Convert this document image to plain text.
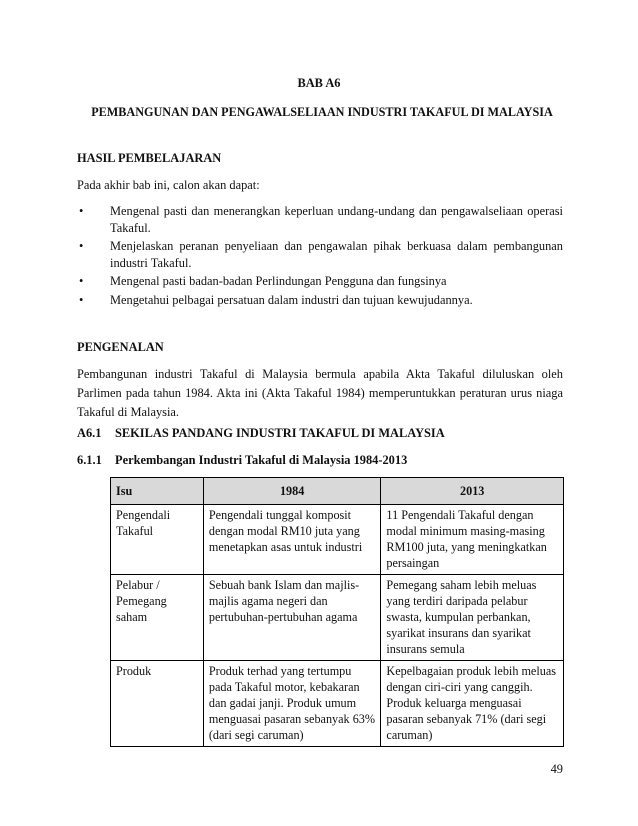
BAB A6
PEMBANGUNAN DAN PENGAWALSELIAAN INDUSTRI TAKAFUL DI MALAYSIA
HASIL PEMBELAJARAN
Pada akhir bab ini, calon akan dapat:
• Mengenal pasti dan menerangkan keperluan undang-undang dan pengawalseliaan operasi Takaful.
• Menjelaskan peranan penyeliaan dan pengawalan pihak berkuasa dalam pembangunan industri Takaful.
• Mengenal pasti badan-badan Perlindungan Pengguna dan fungsinya
• Mengetahui pelbagai persatuan dalam industri dan tujuan kewujudannya.
PENGENALAN
Pembangunan industri Takaful di Malaysia bermula apabila Akta Takaful diluluskan oleh Parlimen pada tahun 1984. Akta ini (Akta Takaful 1984) memperuntukkan peraturan urus niaga Takaful di Malaysia.
A6.1 SEKILAS PANDANG INDUSTRI TAKAFUL DI MALAYSIA
6.1.1 Perkembangan Industri Takaful di Malaysia 1984-2013
Isu	1984	2013
Pengendali Takaful	Pengendali tunggal komposit dengan modal RM10 juta yang menetapkan asas untuk industri	11 Pengendali Takaful dengan modal minimum masing-masing RM100 juta, yang meningkatkan persaingan
Pelabur / Pemegang saham	Sebuah bank Islam dan majlis-majlis agama negeri dan pertubuhan-pertubuhan agama	Pemegang saham lebih meluas yang terdiri daripada pelabur swasta, kumpulan perbankan, syarikat insurans dan syarikat insurans semula
Produk	Produk terhad yang tertumpu pada Takaful motor, kebakaran dan gadai janji. Produk umum menguasai pasaran sebanyak 63% (dari segi caruman)	Kepelbagaian produk lebih meluas dengan ciri-ciri yang canggih. Produk keluarga menguasai pasaran sebanyak 71% (dari segi caruman)
49
